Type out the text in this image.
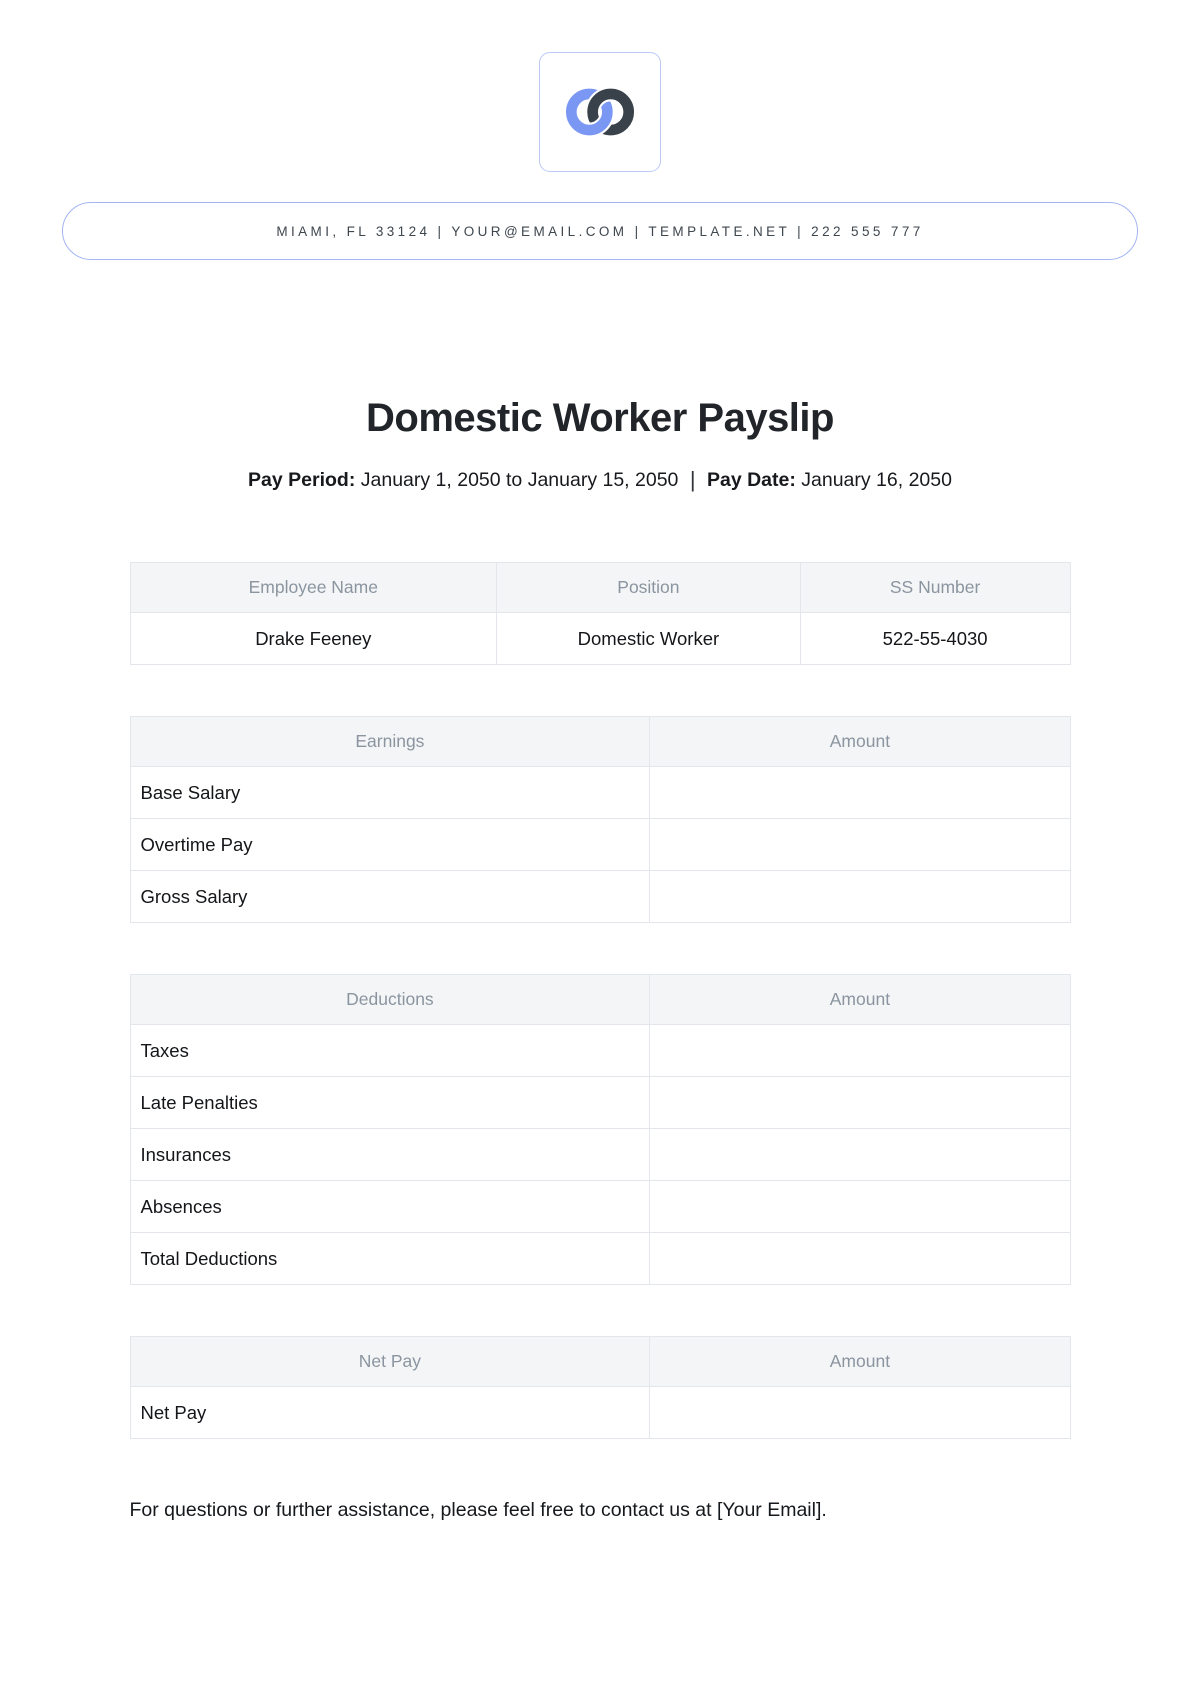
MIAMI, FL 33124 | YOUR@EMAIL.COM | TEMPLATE.NET | 222 555 777
Domestic Worker Payslip
Pay Period: January 1, 2050 to January 15, 2050 | Pay Date: January 16, 2050
Employee Name	Position	SS Number
Drake Feeney	Domestic Worker	522-55-4030
Earnings	Amount
Base Salary	
Overtime Pay	
Gross Salary	
Deductions	Amount
Taxes	
Late Penalties	
Insurances	
Absences	
Total Deductions	
Net Pay	Amount
Net Pay	
For questions or further assistance, please feel free to contact us at [Your Email].
